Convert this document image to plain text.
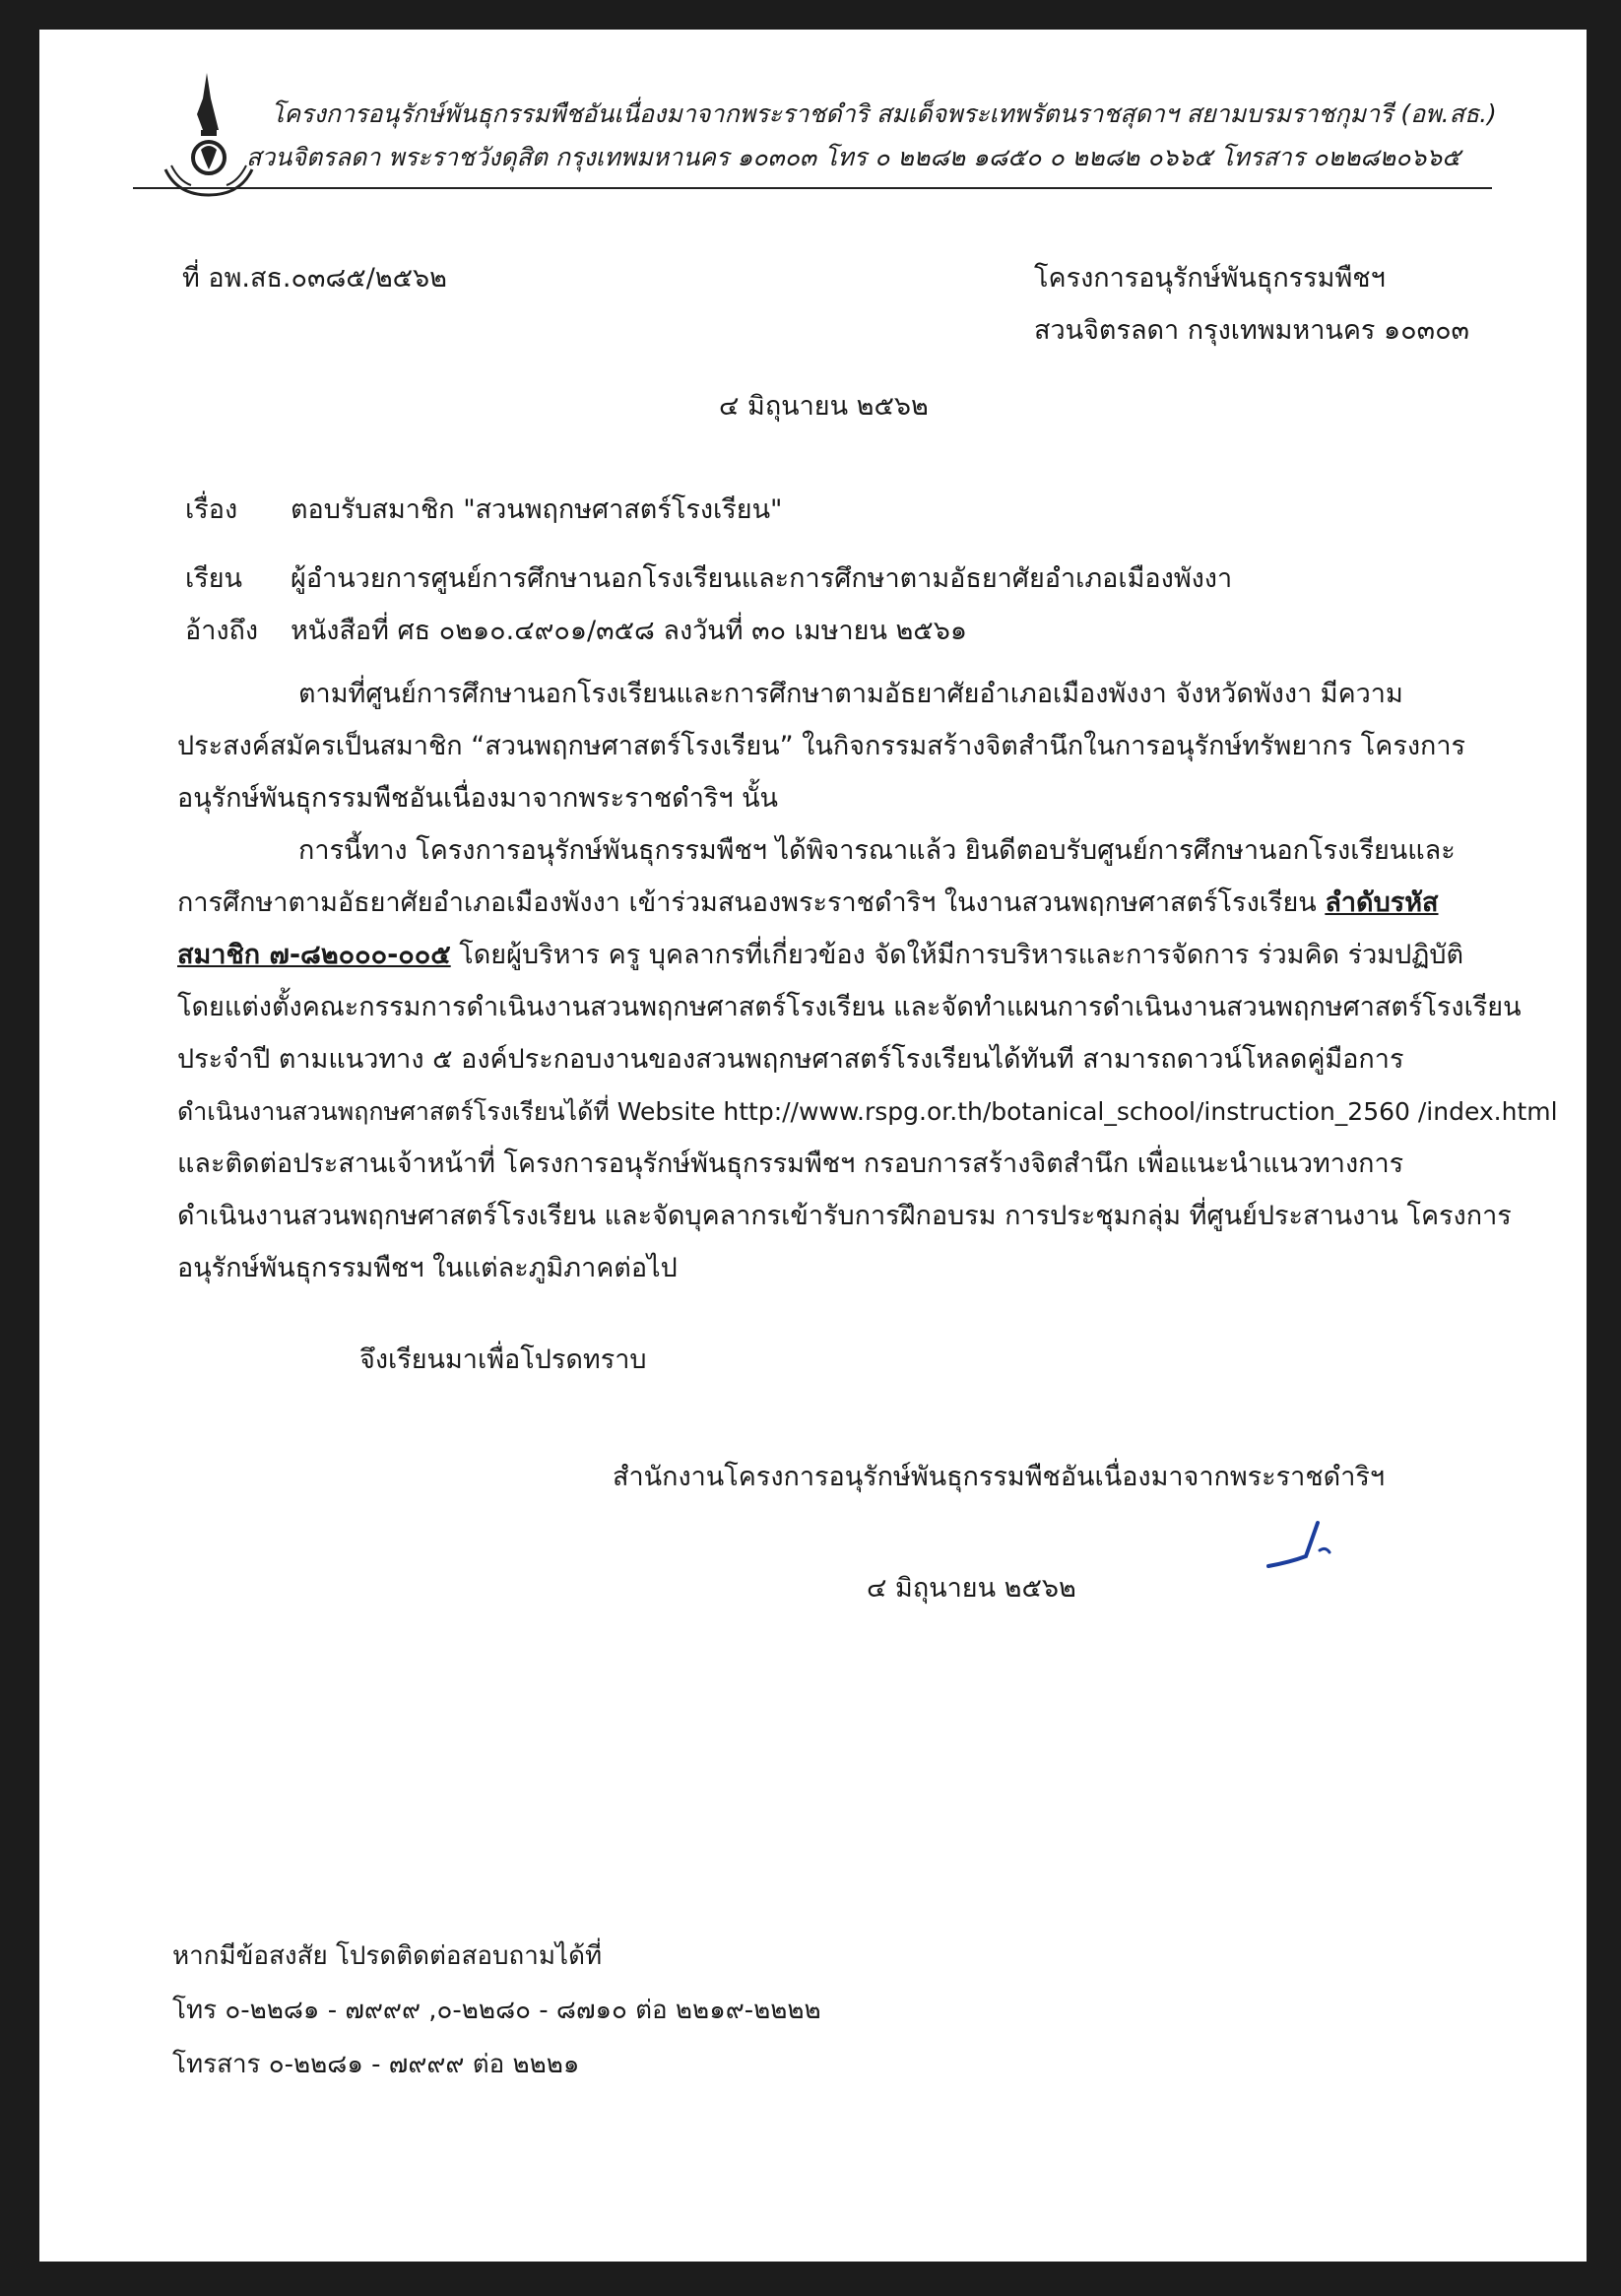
โครงการอนุรักษ์พันธุกรรมพืชอันเนื่องมาจากพระราชดำริ สมเด็จพระเทพรัตนราชสุดาฯ สยามบรมราชกุมารี (อพ.สธ.)
สวนจิตรลดา พระราชวังดุสิต กรุงเทพมหานคร ๑๐๓๐๓ โทร ๐ ๒๒๘๒ ๑๘๕๐ ๐ ๒๒๘๒ ๐๖๖๕ โทรสาร ๐๒๒๘๒๐๖๖๕
ที่ อพ.สธ.๐๓๘๕/๒๕๖๒	โครงการอนุรักษ์พันธุกรรมพืชฯ
สวนจิตรลดา กรุงเทพมหานคร ๑๐๓๐๓
๔ มิถุนายน ๒๕๖๒
เรื่อง ตอบรับสมาชิก "สวนพฤกษศาสตร์โรงเรียน"
เรียน ผู้อำนวยการศูนย์การศึกษานอกโรงเรียนและการศึกษาตามอัธยาศัยอำเภอเมืองพังงา
อ้างถึง หนังสือที่ ศธ ๐๒๑๐.๔๙๐๑/๓๕๘ ลงวันที่ ๓๐ เมษายน ๒๕๖๑
ตามที่ศูนย์การศึกษานอกโรงเรียนและการศึกษาตามอัธยาศัยอำเภอเมืองพังงา จังหวัดพังงา มีความ
ประสงค์สมัครเป็นสมาชิก “สวนพฤกษศาสตร์โรงเรียน” ในกิจกรรมสร้างจิตสำนึกในการอนุรักษ์ทรัพยากร โครงการ
อนุรักษ์พันธุกรรมพืชอันเนื่องมาจากพระราชดำริฯ นั้น
การนี้ทาง โครงการอนุรักษ์พันธุกรรมพืชฯ ได้พิจารณาแล้ว ยินดีตอบรับศูนย์การศึกษานอกโรงเรียนและ
การศึกษาตามอัธยาศัยอำเภอเมืองพังงา เข้าร่วมสนองพระราชดำริฯ ในงานสวนพฤกษศาสตร์โรงเรียน ลำดับรหัส
สมาชิก ๗-๘๒๐๐๐-๐๐๕ โดยผู้บริหาร ครู บุคลากรที่เกี่ยวข้อง จัดให้มีการบริหารและการจัดการ ร่วมคิด ร่วมปฏิบัติ
โดยแต่งตั้งคณะกรรมการดำเนินงานสวนพฤกษศาสตร์โรงเรียน และจัดทำแผนการดำเนินงานสวนพฤกษศาสตร์โรงเรียน
ประจำปี ตามแนวทาง ๕ องค์ประกอบงานของสวนพฤกษศาสตร์โรงเรียนได้ทันที สามารถดาวน์โหลดคู่มือการ
ดำเนินงานสวนพฤกษศาสตร์โรงเรียนได้ที่ Website http://www.rspg.or.th/botanical_school/instruction_2560 /index.html
และติดต่อประสานเจ้าหน้าที่ โครงการอนุรักษ์พันธุกรรมพืชฯ กรอบการสร้างจิตสำนึก เพื่อแนะนำแนวทางการ
ดำเนินงานสวนพฤกษศาสตร์โรงเรียน และจัดบุคลากรเข้ารับการฝึกอบรม การประชุมกลุ่ม ที่ศูนย์ประสานงาน โครงการ
อนุรักษ์พันธุกรรมพืชฯ ในแต่ละภูมิภาคต่อไป
จึงเรียนมาเพื่อโปรดทราบ
สำนักงานโครงการอนุรักษ์พันธุกรรมพืชอันเนื่องมาจากพระราชดำริฯ
๔ มิถุนายน ๒๕๖๒
หากมีข้อสงสัย โปรดติดต่อสอบถามได้ที่
โทร ๐-๒๒๘๑ - ๗๙๙๙ ,๐-๒๒๘๐ - ๘๗๑๐ ต่อ ๒๒๑๙-๒๒๒๒
โทรสาร ๐-๒๒๘๑ - ๗๙๙๙ ต่อ ๒๒๒๑
